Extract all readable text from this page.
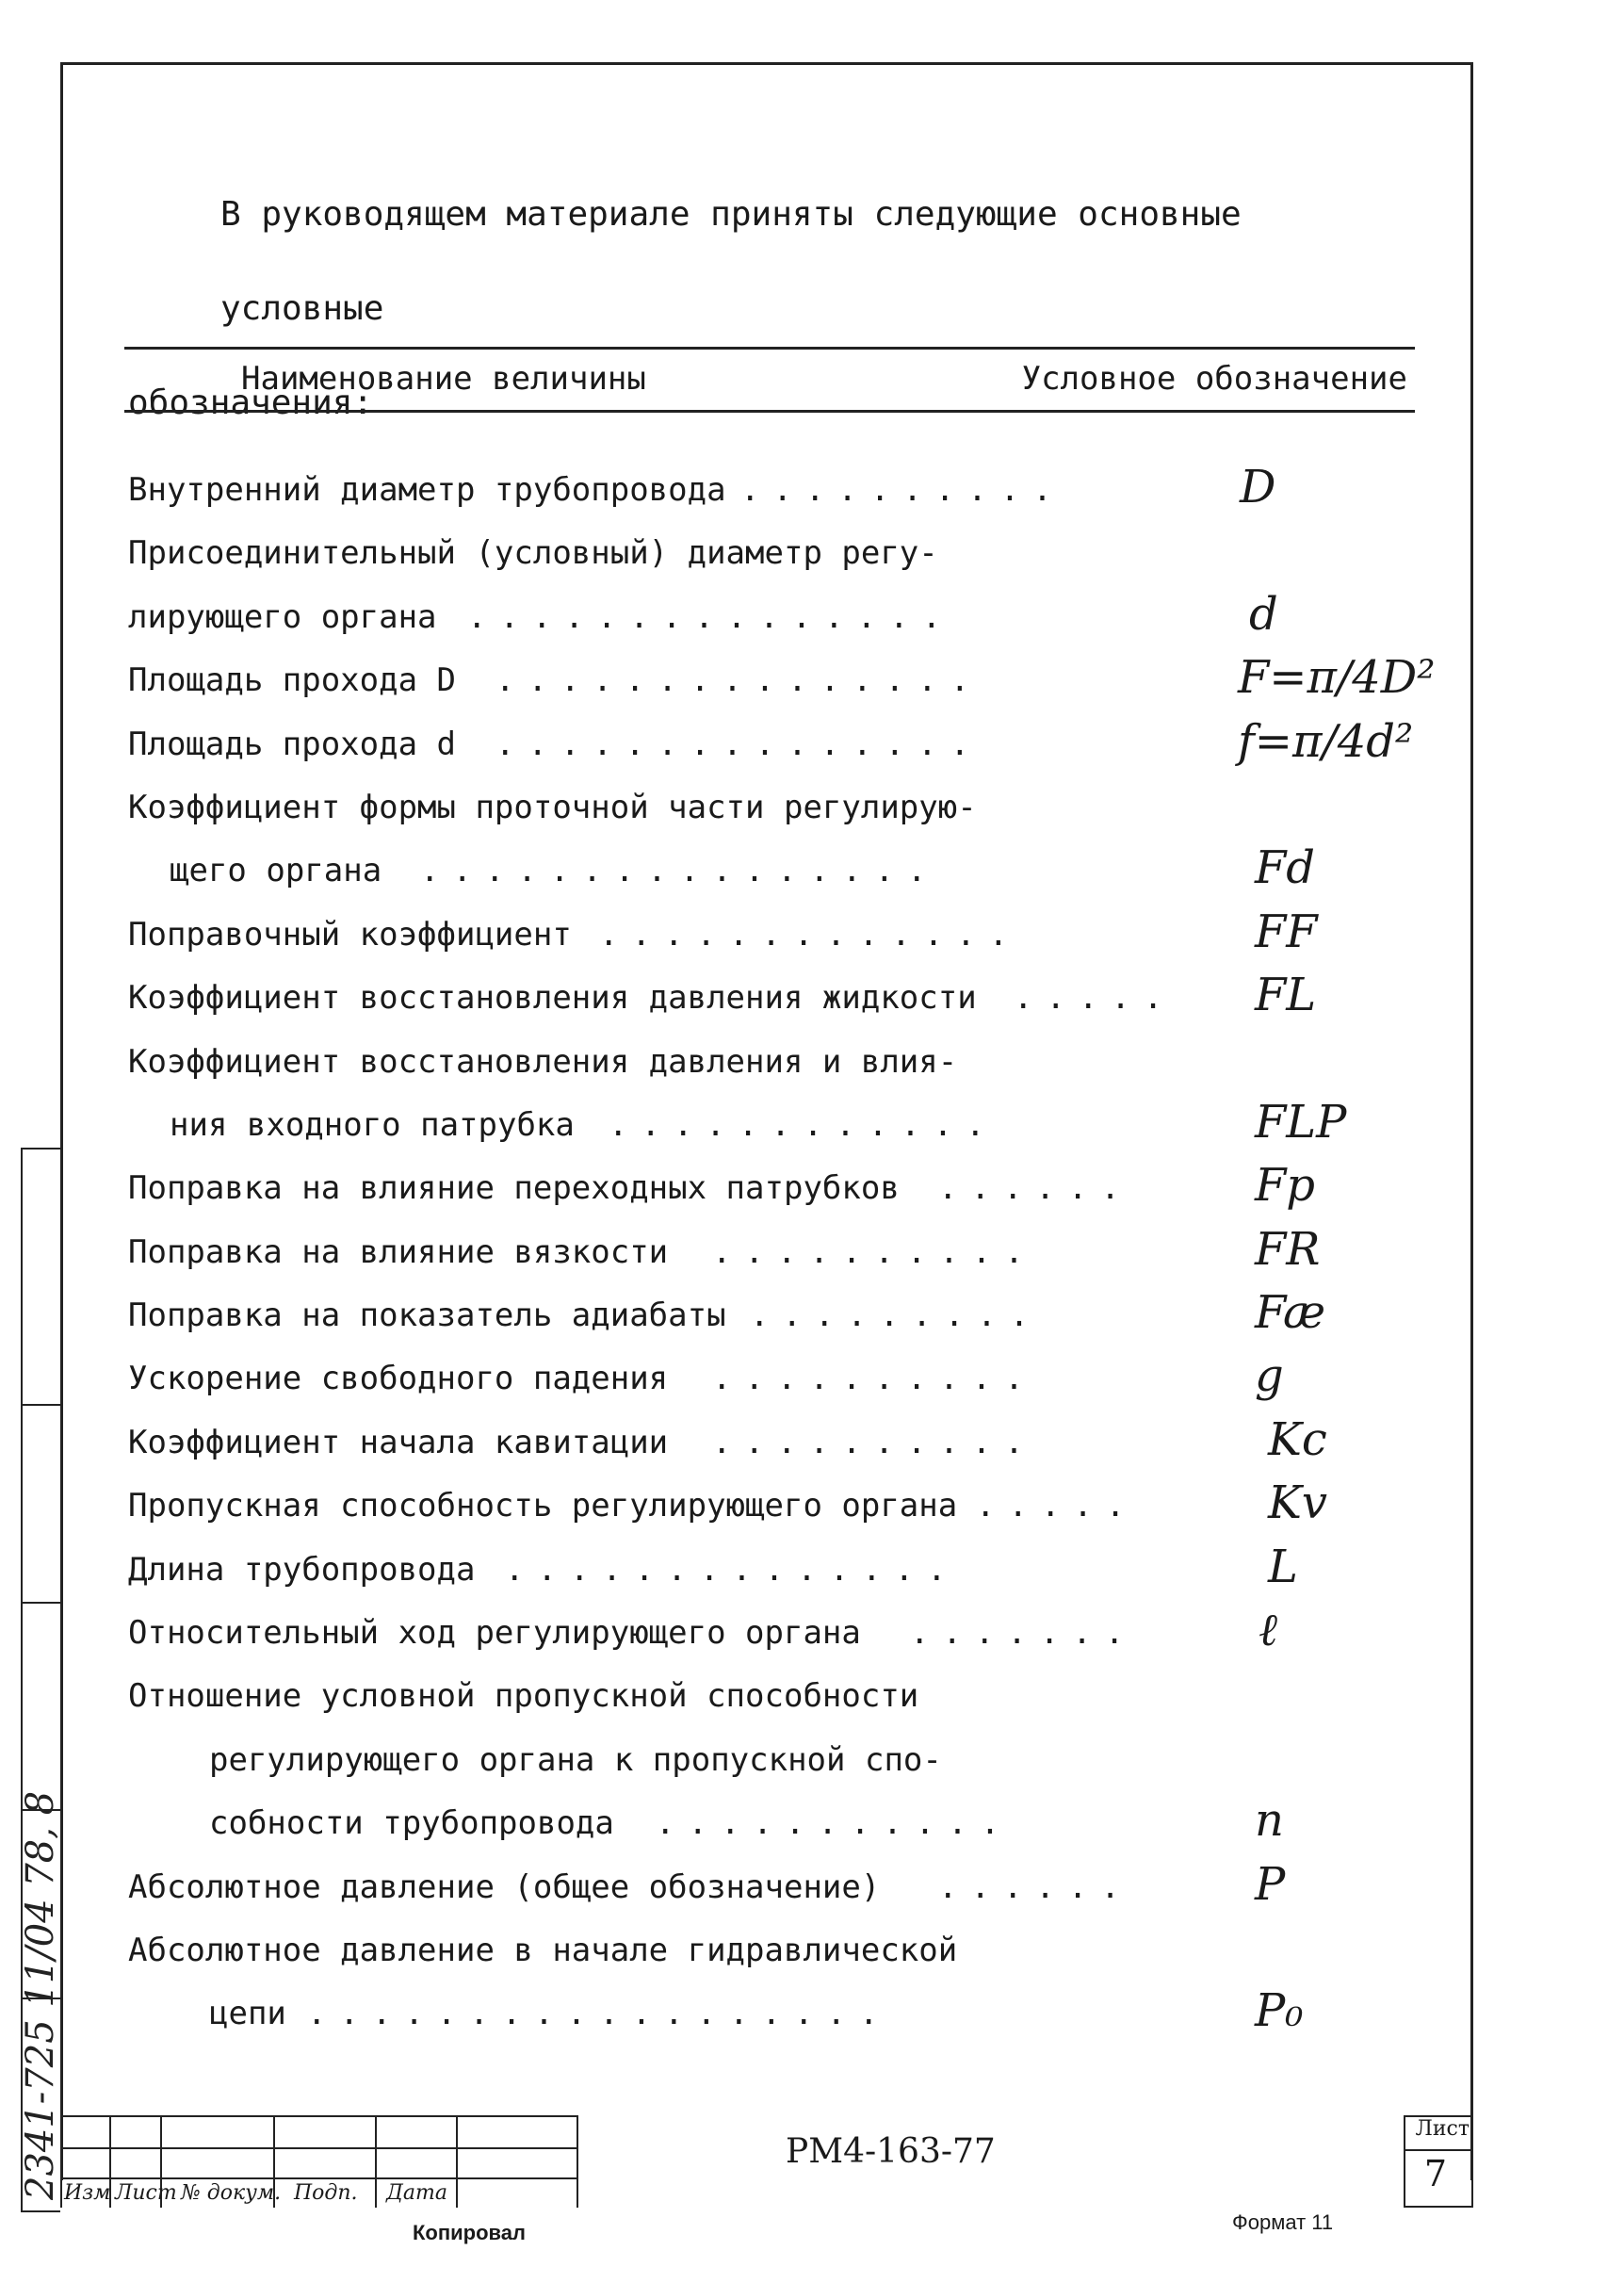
В руководящем материале приняты следующие основные условные
обозначения:
Наименование величины	Условное обозначение
Внутренний диаметр трубопровода ..........	D
Присоединительный (условный) диаметр регу-
лирующего органа ...............	d
Площадь прохода D ...............	F=π/4D²
Площадь прохода d ...............	f=π/4d²
Коэффициент формы проточной части регулирую-
щего органа ................	Fd
Поправочный коэффициент .............	FF
Коэффициент восстановления давления жидкости .....	FL
Коэффициент восстановления давления и влия-
ния входного патрубка ............	FLP
Поправка на влияние переходных патрубков ......	Fp
Поправка на влияние вязкости ..........	FR
Поправка на показатель адиабаты .........	Fæ
Ускорение свободного падения ..........	g
Коэффициент начала кавитации ..........	Kc
Пропускная способность регулирующего органа .....	Kv
Длина трубопровода ..............	L
Относительный ход регулирующего органа .......	ℓ
Отношение условной пропускной способности
регулирующего органа к пропускной спо-
собности трубопровода ...........	n
Абсолютное давление (общее обозначение) ......	P
Абсолютное давление в начале гидравлической
цепи ..................	P₀
Изм Лист № докум. Подп. Дата
РМ4-163-77
Лист
7
Копировал	Формат 11
2341-725 11/04 78, 8
